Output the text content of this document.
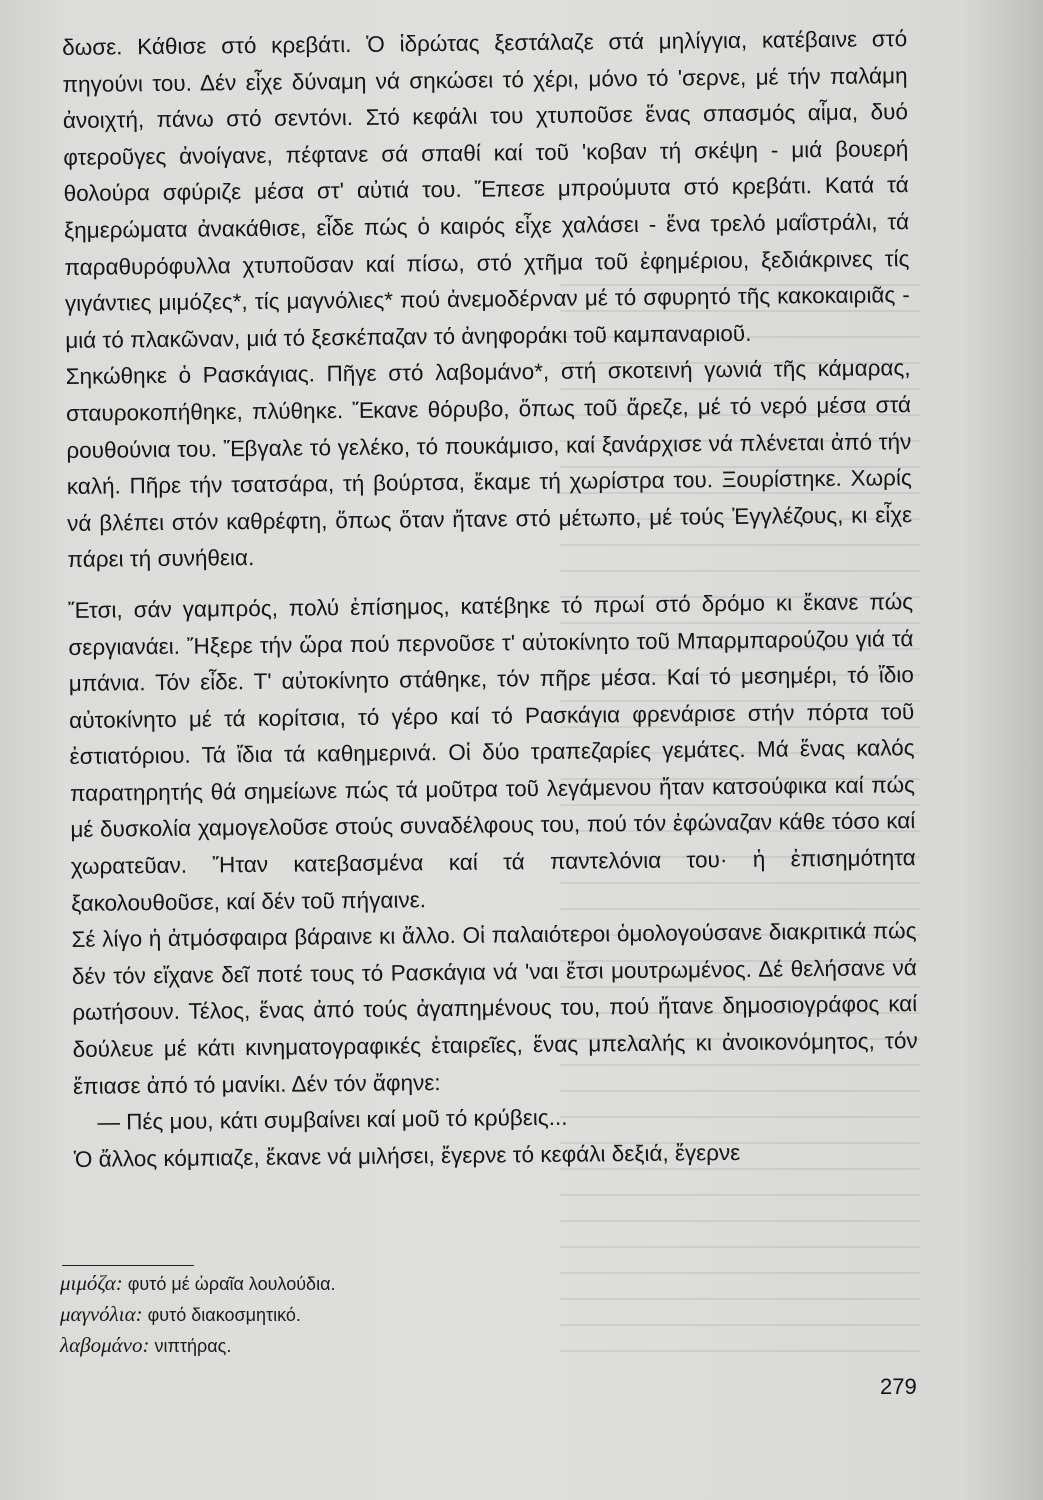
δωσε. Κάθισε στό κρεβάτι. Ὁ ἱδρώτας ξεστάλαζε στά μηλίγγια, κατέβαινε στό πηγούνι του. Δέν εἶχε δύναμη νά σηκώσει τό χέρι, μόνο τό 'σερνε, μέ τήν παλάμη ἀνοιχτή, πάνω στό σεντόνι. Στό κεφάλι του χτυποῦσε ἕνας σπασμός αἷμα, δυό φτεροῦγες ἀνοίγανε, πέφτανε σά σπαθί καί τοῦ 'κοβαν τή σκέψη - μιά βουερή θολούρα σφύριζε μέσα στ' αὐτιά του. Ἔπεσε μπρούμυτα στό κρεβάτι. Κατά τά ξημερώματα ἀνακάθισε, εἶδε πώς ὁ καιρός εἶχε χαλάσει - ἕνα τρελό μαΐστράλι, τά παραθυρόφυλλα χτυποῦσαν καί πίσω, στό χτῆμα τοῦ ἐφημέριου, ξεδιάκρινες τίς γιγάντιες μιμόζες*, τίς μαγνόλιες* πού ἀνεμοδέρναν μέ τό σφυρητό τῆς κακοκαιριᾶς - μιά τό πλακῶναν, μιά τό ξεσκέπαζαν τό ἀνηφοράκι τοῦ καμπαναριοῦ.

Σηκώθηκε ὁ Ρασκάγιας. Πῆγε στό λαβομάνο*, στή σκοτεινή γωνιά τῆς κάμαρας, σταυροκοπήθηκε, πλύθηκε. Ἔκανε θόρυβο, ὅπως τοῦ ἄρεζε, μέ τό νερό μέσα στά ρουθούνια του. Ἔβγαλε τό γελέκο, τό πουκάμισο, καί ξανάρχισε νά πλένεται ἀπό τήν καλή. Πῆρε τήν τσατσάρα, τή βούρτσα, ἔκαμε τή χωρίστρα του. Ξουρίστηκε. Χωρίς νά βλέπει στόν καθρέφτη, ὅπως ὅταν ἤτανε στό μέτωπο, μέ τούς Ἐγγλέζους, κι εἶχε πάρει τή συνήθεια.

Ἔτσι, σάν γαμπρός, πολύ ἐπίσημος, κατέβηκε τό πρωί στό δρόμο κι ἔκανε πώς σεργιανάει. Ἤξερε τήν ὥρα πού περνοῦσε τ' αὐτοκίνητο τοῦ Μπαρμπαρούζου γιά τά μπάνια. Τόν εἶδε. Τ' αὐτοκίνητο στάθηκε, τόν πῆρε μέσα. Καί τό μεσημέρι, τό ἴδιο αὐτοκίνητο μέ τά κορίτσια, τό γέρο καί τό Ρασκάγια φρενάρισε στήν πόρτα τοῦ ἐστιατόριου. Τά ἴδια τά καθημερινά. Οἱ δύο τραπεζαρίες γεμάτες. Μά ἕνας καλός παρατηρητής θά σημείωνε πώς τά μοῦτρα τοῦ λεγάμενου ἤταν κατσούφικα καί πώς μέ δυσκολία χαμογελοῦσε στούς συναδέλφους του, πού τόν ἐφώναζαν κάθε τόσο καί χωρατεῦαν. Ἤταν κατεβασμένα καί τά παντελόνια του· ἡ ἐπισημότητα ξακολουθοῦσε, καί δέν τοῦ πήγαινε.

Σέ λίγο ἡ ἀτμόσφαιρα βάραινε κι ἄλλο. Οἱ παλαιότεροι ὁμολογούσανε διακριτικά πώς δέν τόν εἴχανε δεῖ ποτέ τους τό Ρασκάγια νά 'ναι ἔτσι μουτρωμένος. Δέ θελήσανε νά ρωτήσουν. Τέλος, ἕνας ἀπό τούς ἀγαπημένους του, πού ἤτανε δημοσιογράφος καί δούλευε μέ κάτι κινηματογραφικές ἑταιρεῖες, ἕνας μπελαλής κι ἀνοικονόμητος, τόν ἔπιασε ἀπό τό μανίκι. Δέν τόν ἄφηνε:

— Πές μου, κάτι συμβαίνει καί μοῦ τό κρύβεις...

Ὁ ἄλλος κόμπιαζε, ἔκανε νά μιλήσει, ἔγερνε τό κεφάλι δεξιά, ἔγερνε

μιμόζα: φυτό μέ ὡραῖα λουλούδια.
μαγνόλια: φυτό διακοσμητικό.
λαβομάνο: νιπτήρας.
279
